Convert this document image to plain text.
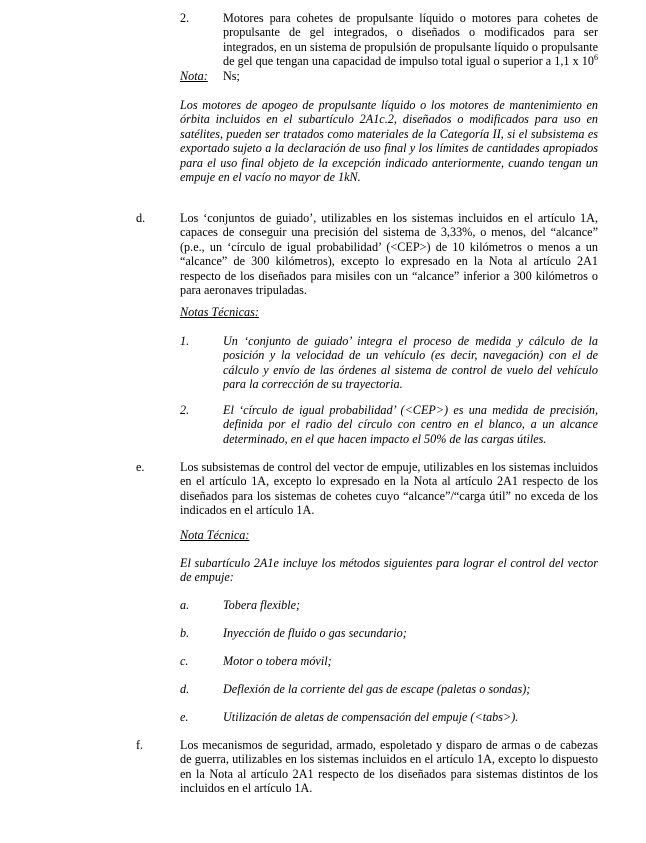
2.	Motores para cohetes de propulsante líquido o motores para cohetes de propulsante de gel integrados, o diseñados o modificados para ser integrados, en un sistema de propulsión de propulsante líquido o propulsante de gel que tengan una capacidad de impulso total igual o superior a 1,1 x $10^6$ Ns;
Nota:
Los motores de apogeo de propulsante líquido o los motores de mantenimiento en órbita incluidos en el subartículo 2A1c.2, diseñados o modificados para uso en satélites, pueden ser tratados como materiales de la Categoría II, si el subsistema es exportado sujeto a la declaración de uso final y los límites de cantidades apropiados para el uso final objeto de la excepción indicado anteriormente, cuando tengan un empuje en el vacío no mayor de 1kN.
d.	Los ‘conjuntos de guiado’, utilizables en los sistemas incluidos en el artículo 1A, capaces de conseguir una precisión del sistema de 3,33%, o menos, del “alcance” (p.e., un ‘círculo de igual probabilidad’ (<CEP>) de 10 kilómetros o menos a un “alcance” de 300 kilómetros), excepto lo expresado en la Nota al artículo 2A1 respecto de los diseñados para misiles con un “alcance” inferior a 300 kilómetros o para aeronaves tripuladas.
Notas Técnicas:
1.	Un ‘conjunto de guiado’ integra el proceso de medida y cálculo de la posición y la velocidad de un vehículo (es decir, navegación) con el de cálculo y envío de las órdenes al sistema de control de vuelo del vehículo para la corrección de su trayectoria.
2.	El ‘círculo de igual probabilidad’ (<CEP>) es una medida de precisión, definida por el radio del círculo con centro en el blanco, a un alcance determinado, en el que hacen impacto el 50% de las cargas útiles.
e.	Los subsistemas de control del vector de empuje, utilizables en los sistemas incluidos en el artículo 1A, excepto lo expresado en la Nota al artículo 2A1 respecto de los diseñados para los sistemas de cohetes cuyo “alcance”/“carga útil” no exceda de los indicados en el artículo 1A.
Nota Técnica:
El subartículo 2A1e incluye los métodos siguientes para lograr el control del vector de empuje:
a.	Tobera flexible;
b.	Inyección de fluido o gas secundario;
c.	Motor o tobera móvil;
d.	Deflexión de la corriente del gas de escape (paletas o sondas);
e.	Utilización de aletas de compensación del empuje (<tabs>).
f.	Los mecanismos de seguridad, armado, espoletado y disparo de armas o de cabezas de guerra, utilizables en los sistemas incluidos en el artículo 1A, excepto lo dispuesto en la Nota al artículo 2A1 respecto de los diseñados para sistemas distintos de los incluidos en el artículo 1A.
